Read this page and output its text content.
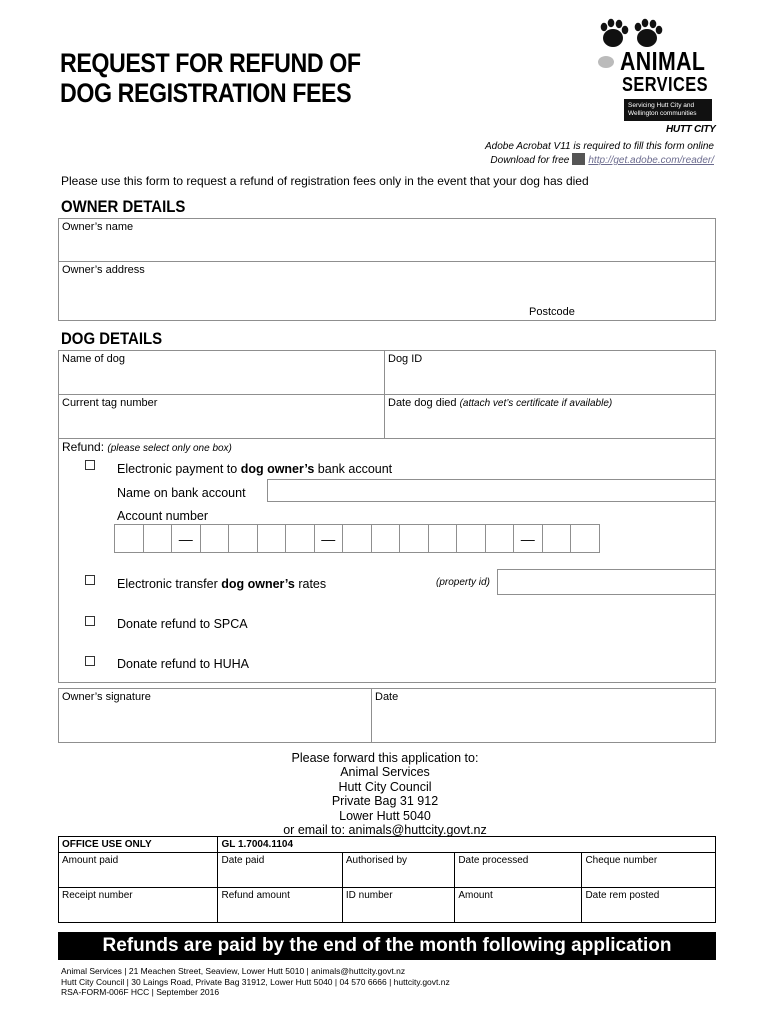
REQUEST FOR REFUND OF
DOG REGISTRATION FEES
ANIMAL
SERVICES
Servicing Hutt City and Wellington communities
HUTT CITY
Adobe Acrobat V11 is required to fill this form online
Download for free http://get.adobe.com/reader/
Please use this form to request a refund of registration fees only in the event that your dog has died
OWNER DETAILS
Owner’s name
Owner’s address
Postcode
DOG DETAILS
Name of dog	Dog ID
Current tag number	Date dog died (attach vet’s certificate if available)
Refund: (please select only one box)
Electronic payment to dog owner’s bank account
Name on bank account
Account number
—	—	—
Electronic transfer dog owner’s rates	(property id)
Donate refund to SPCA
Donate refund to HUHA
Owner’s signature	Date
Please forward this application to:
Animal Services
Hutt City Council
Private Bag 31 912
Lower Hutt 5040
or email to: animals@huttcity.govt.nz
OFFICE USE ONLY	GL 1.7004.1104			
Amount paid	Date paid	Authorised by	Date processed	Cheque number
Receipt number	Refund amount	ID number	Amount	Date rem posted
Refunds are paid by the end of the month following application
Animal Services | 21 Meachen Street, Seaview, Lower Hutt 5010 | animals@huttcity.govt.nz
Hutt City Council | 30 Laings Road, Private Bag 31912, Lower Hutt 5040 | 04 570 6666 | huttcity.govt.nz
RSA-FORM-006F HCC | September 2016
